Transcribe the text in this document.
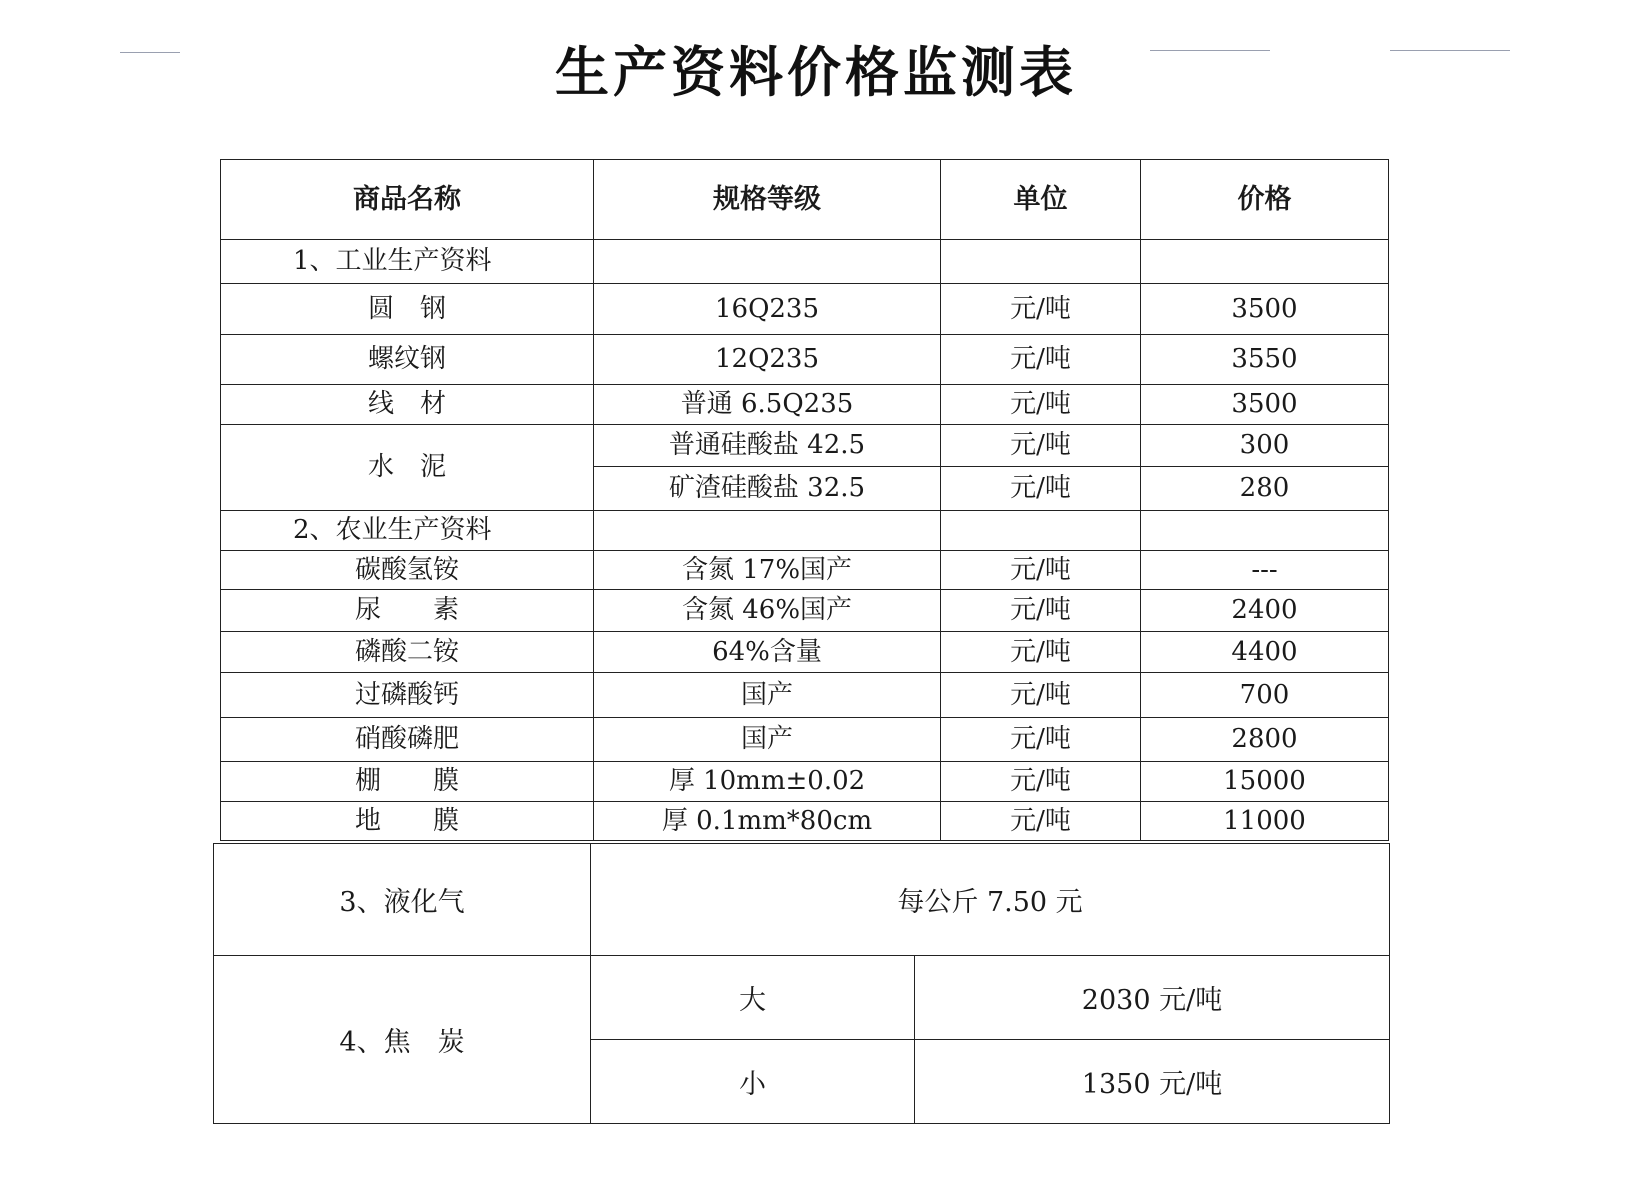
生产资料价格监测表
商品名称	规格等级	单位	价格
1、工业生产资料			
圆　钢	16Q235	元/吨	3500
螺纹钢	12Q235	元/吨	3550
线　材	普通 6.5Q235	元/吨	3500
水　泥	普通硅酸盐 42.5	元/吨	300
	矿渣硅酸盐 32.5	元/吨	280
2、农业生产资料			
碳酸氢铵	含氮 17%国产	元/吨	---
尿　　素	含氮 46%国产	元/吨	2400
磷酸二铵	64%含量	元/吨	4400
过磷酸钙	国产	元/吨	700
硝酸磷肥	国产	元/吨	2800
棚　　膜	厚 10mm±0.02	元/吨	15000
地　　膜	厚 0.1mm*80cm	元/吨	11000
3、液化气	每公斤 7.50 元	
4、焦　炭	大	2030 元/吨
	小	1350 元/吨
